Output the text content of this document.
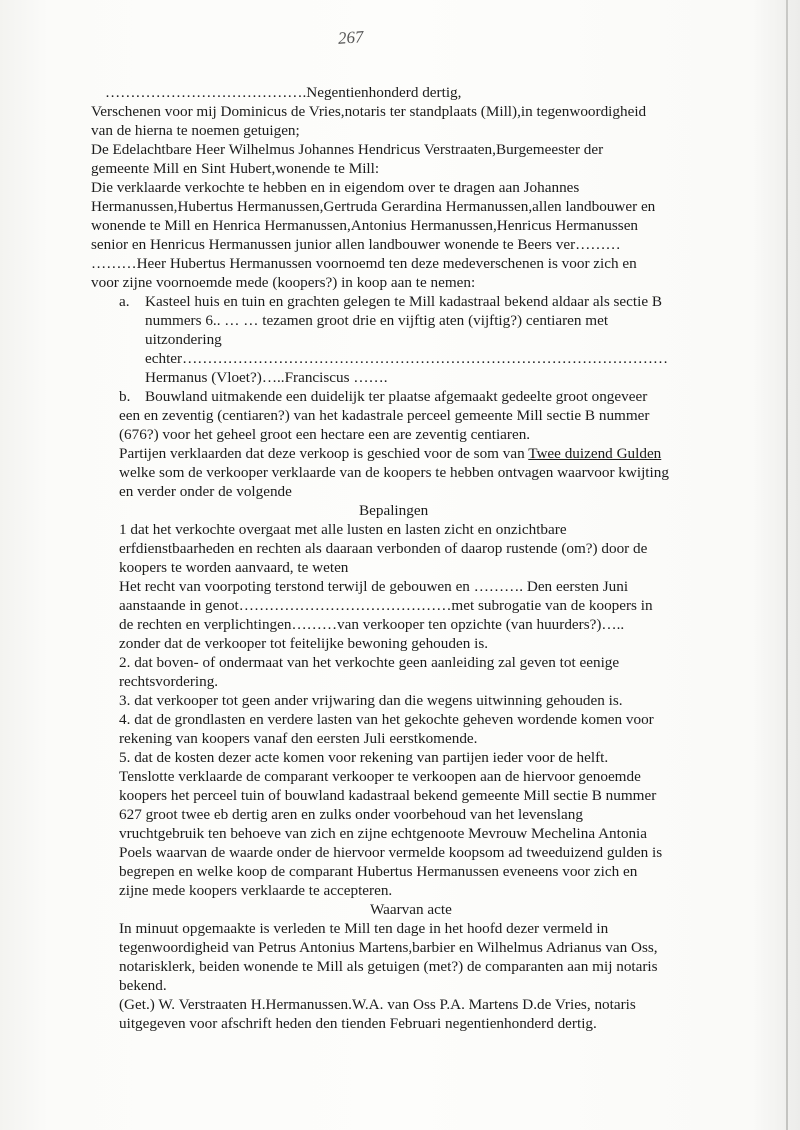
267
………………………………….Negentienhonderd dertig,
Verschenen voor mij Dominicus de Vries,notaris ter standplaats (Mill),in tegenwoordigheid
van de hierna te noemen getuigen;
De Edelachtbare Heer Wilhelmus Johannes Hendricus Verstraaten,Burgemeester der
gemeente Mill en Sint Hubert,wonende te Mill:
Die verklaarde verkochte te hebben en in eigendom over te dragen aan Johannes
Hermanussen,Hubertus Hermanussen,Gertruda Gerardina Hermanussen,allen landbouwer en
wonende te Mill en Henrica Hermanussen,Antonius Hermanussen,Henricus Hermanussen
senior en Henricus Hermanussen junior allen landbouwer wonende te Beers ver………
………Heer Hubertus Hermanussen voornoemd ten deze medeverschenen is voor zich en
voor zijne voornoemde mede (koopers?) in koop aan te nemen:
a. Kasteel huis en tuin en grachten gelegen te Mill kadastraal bekend aldaar als sectie B
nummers 6.. … … tezamen groot drie en vijftig aten (vijftig?) centiaren met
uitzondering
echter……………………………………………………………………………………
Hermanus (Vloet?)…..Franciscus …….
b. Bouwland uitmakende een duidelijk ter plaatse afgemaakt gedeelte groot ongeveer
een en zeventig (centiaren?) van het kadastrale perceel gemeente Mill sectie B nummer
(676?) voor het geheel groot een hectare een are zeventig centiaren.
Partijen verklaarden dat deze verkoop is geschied voor de som van Twee duizend Gulden
welke som de verkooper verklaarde van de koopers te hebben ontvagen waarvoor kwijting
en verder onder de volgende
Bepalingen
1 dat het verkochte overgaat met alle lusten en lasten zicht en onzichtbare
erfdienstbaarheden en rechten als daaraan verbonden of daarop rustende (om?) door de
koopers te worden aanvaard, te weten
Het recht van voorpoting terstond terwijl de gebouwen en ………. Den eersten Juni
aanstaande in genot……………………………………met subrogatie van de koopers in
de rechten en verplichtingen………van verkooper ten opzichte (van huurders?)…..
zonder dat de verkooper tot feitelijke bewoning gehouden is.
2. dat boven- of ondermaat van het verkochte geen aanleiding zal geven tot eenige
rechtsvordering.
3. dat verkooper tot geen ander vrijwaring dan die wegens uitwinning gehouden is.
4. dat de grondlasten en verdere lasten van het gekochte geheven wordende komen voor
rekening van koopers vanaf den eersten Juli eerstkomende.
5. dat de kosten dezer acte komen voor rekening van partijen ieder voor de helft.
Tenslotte verklaarde de comparant verkooper te verkoopen aan de hiervoor genoemde
koopers het perceel tuin of bouwland kadastraal bekend gemeente Mill sectie B nummer
627 groot twee eb dertig aren en zulks onder voorbehoud van het levenslang
vruchtgebruik ten behoeve van zich en zijne echtgenoote Mevrouw Mechelina Antonia
Poels waarvan de waarde onder de hiervoor vermelde koopsom ad tweeduizend gulden is
begrepen en welke koop de comparant Hubertus Hermanussen eveneens voor zich en
zijne mede koopers verklaarde te accepteren.
Waarvan acte
In minuut opgemaakte is verleden te Mill ten dage in het hoofd dezer vermeld in
tegenwoordigheid van Petrus Antonius Martens,barbier en Wilhelmus Adrianus van Oss,
notarisklerk, beiden wonende te Mill als getuigen (met?) de comparanten aan mij notaris
bekend.
(Get.) W. Verstraaten H.Hermanussen.W.A. van Oss P.A. Martens D.de Vries, notaris
uitgegeven voor afschrift heden den tienden Februari negentienhonderd dertig.
